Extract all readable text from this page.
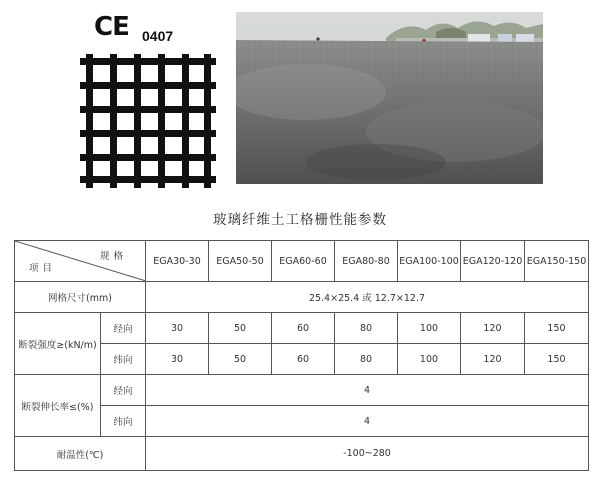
CE 0407
玻璃纤维土工格栅性能参数
规格
项目		EGA30-30	EGA50-50	EGA60-60	EGA80-80	EGA100-100	EGA120-120	EGA150-150
网格尺寸(mm)		25.4×25.4 或 12.7×12.7						
断裂强度≥(kN/m)	经向	30	50	60	80	100	120	150
	纬向	30	50	60	80	100	120	150
断裂伸长率≤(%)	经向	4						
	纬向	4						
耐温性(℃)		-100~280						
